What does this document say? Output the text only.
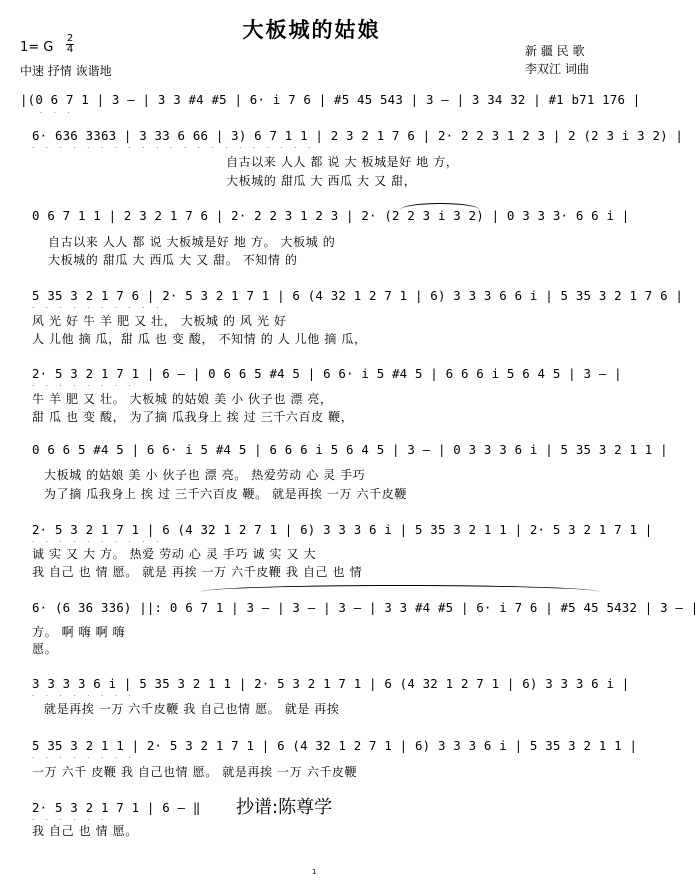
大板城的姑娘
1= G
2
4
中速 抒情 诙谐地
新 疆 民 歌
李双江 词曲
|(0 6 7 1 | 3 — | 3 3 #4 #5 | 6· i 7 6 | #5 45 543 | 3 — | 3 34 32 | #1 b71 176 |
· · ·
6· 636 3363 | 3 33 6 66 | 3) 6 7 1 1 | 2 3 2 1 7 6 | 2· 2 2 3 1 2 3 | 2 (2 3 i 3 2) |
· · · · · · · · · · · · · · · · · · · · ·
自古以来 人人 都 说 大 板城是好 地 方，
大板城的 甜瓜 大 西瓜 大 又 甜，
0 6 7 1 1 | 2 3 2 1 7 6 | 2· 2 2 3 1 2 3 | 2· (2 2 3 i 3 2) | 0 3 3 3· 6 6 i |
自古以来 人人 都 说 大板城是好 地 方。 大板城 的
大板城的 甜瓜 大 西瓜 大 又 甜。 不知情 的
5 35 3 2 1 7 6 | 2· 5 3 2 1 7 1 | 6 (4 32 1 2 7 1 | 6) 3 3 3 6 6 i | 5 35 3 2 1 7 6 |
· · · · · · · · · ·
风 光 好 牛 羊 肥 又 壮， 大板城 的 风 光 好
人 儿他 摘 瓜，甜 瓜 也 变 酸， 不知情 的 人 儿他 摘 瓜，
2· 5 3 2 1 7 1 | 6 — | 0 6 6 5 #4 5 | 6 6· i 5 #4 5 | 6 6 6 i 5 6 4 5 | 3 — |
· · · · · · · ·
牛 羊 肥 又 壮。 大板城 的姑娘 美 小 伙子也 漂 亮，
甜 瓜 也 变 酸， 为了摘 瓜我身上 挨 过 三千六百皮 鞭，
0 6 6 5 #4 5 | 6 6· i 5 #4 5 | 6 6 6 i 5 6 4 5 | 3 — | 0 3 3 3 6 i | 5 35 3 2 1 1 |
大板城 的姑娘 美 小 伙子也 漂 亮。 热爱劳动 心 灵 手巧
为了摘 瓜我身上 挨 过 三千六百皮 鞭。 就是再挨 一万 六千皮鞭
2· 5 3 2 1 7 1 | 6 (4 32 1 2 7 1 | 6) 3 3 3 6 i | 5 35 3 2 1 1 | 2· 5 3 2 1 7 1 |
· · · · · · · · · ·
诚 实 又 大 方。 热爱 劳动 心 灵 手巧 诚 实 又 大
我 自己 也 情 愿。 就是 再挨 一万 六千皮鞭 我 自己 也 情
6· (6 36 336) ||: 0 6 7 1 | 3 — | 3 — | 3 — | 3 3 #4 #5 | 6· i 7 6 | #5 45 5432 | 3 — |
方。 啊 嗨 啊 嗨
愿。
3 3 3 3 6 i | 5 35 3 2 1 1 | 2· 5 3 2 1 7 1 | 6 (4 32 1 2 7 1 | 6) 3 3 3 6 i |
· · · · · · · ·
就是再挨 一万 六千皮鞭 我 自己也情 愿。 就是 再挨
5 35 3 2 1 1 | 2· 5 3 2 1 7 1 | 6 (4 32 1 2 7 1 | 6) 3 3 3 6 i | 5 35 3 2 1 1 |
· · · · · · · ·
一万 六千 皮鞭 我 自己也情 愿。 就是再挨 一万 六千皮鞭
2· 5 3 2 1 7 1 | 6 — ‖
· · · · · ·
我 自己 也 情 愿。
抄谱:陈尊学
1
